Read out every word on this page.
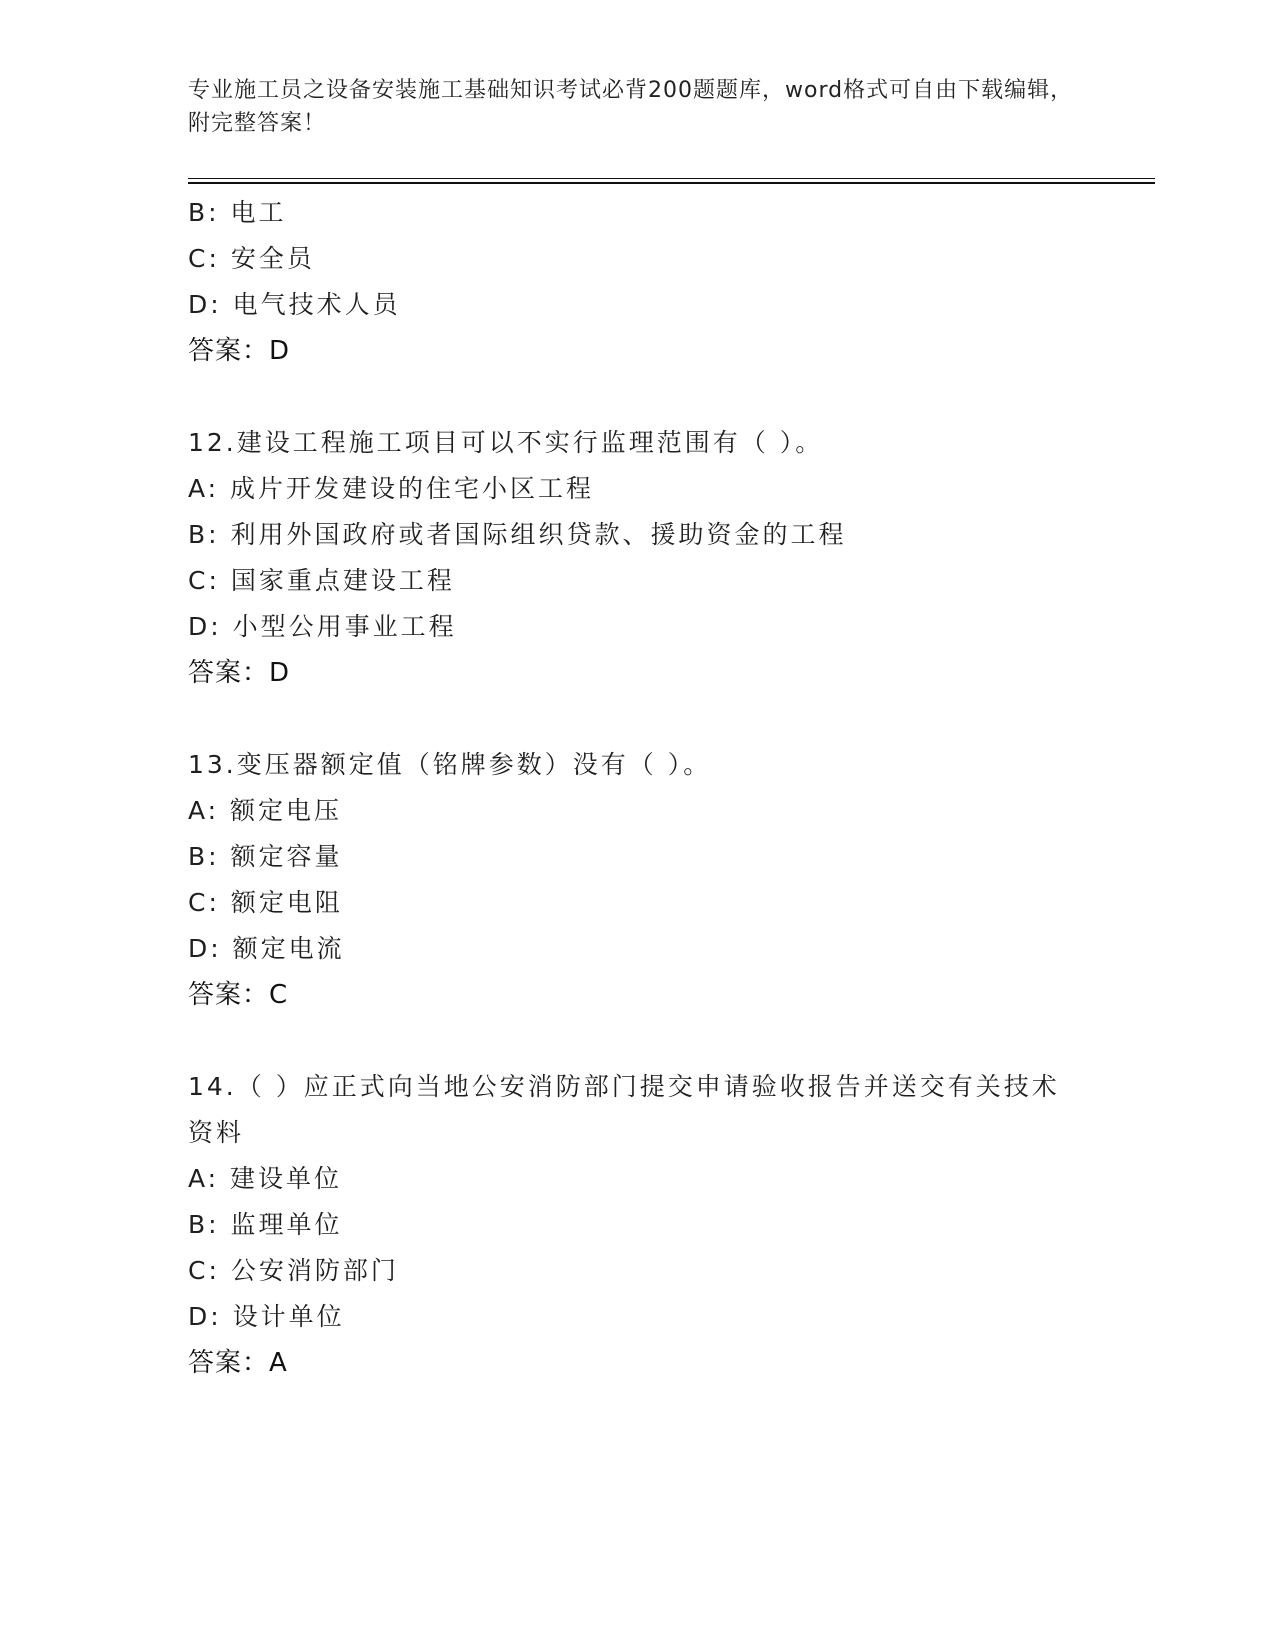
专业施工员之设备安装施工基础知识考试必背200题题库，word格式可自由下载编辑，附完整答案！
B: 电工
C: 安全员
D: 电气技术人员
答案：D
12.建设工程施工项目可以不实行监理范围有（ ）。
A: 成片开发建设的住宅小区工程
B: 利用外国政府或者国际组织贷款、援助资金的工程
C: 国家重点建设工程
D: 小型公用事业工程
答案：D
13.变压器额定值（铭牌参数）没有（ ）。
A: 额定电压
B: 额定容量
C: 额定电阻
D: 额定电流
答案：C
14.（ ）应正式向当地公安消防部门提交申请验收报告并送交有关技术资料
A: 建设单位
B: 监理单位
C: 公安消防部门
D: 设计单位
答案：A
